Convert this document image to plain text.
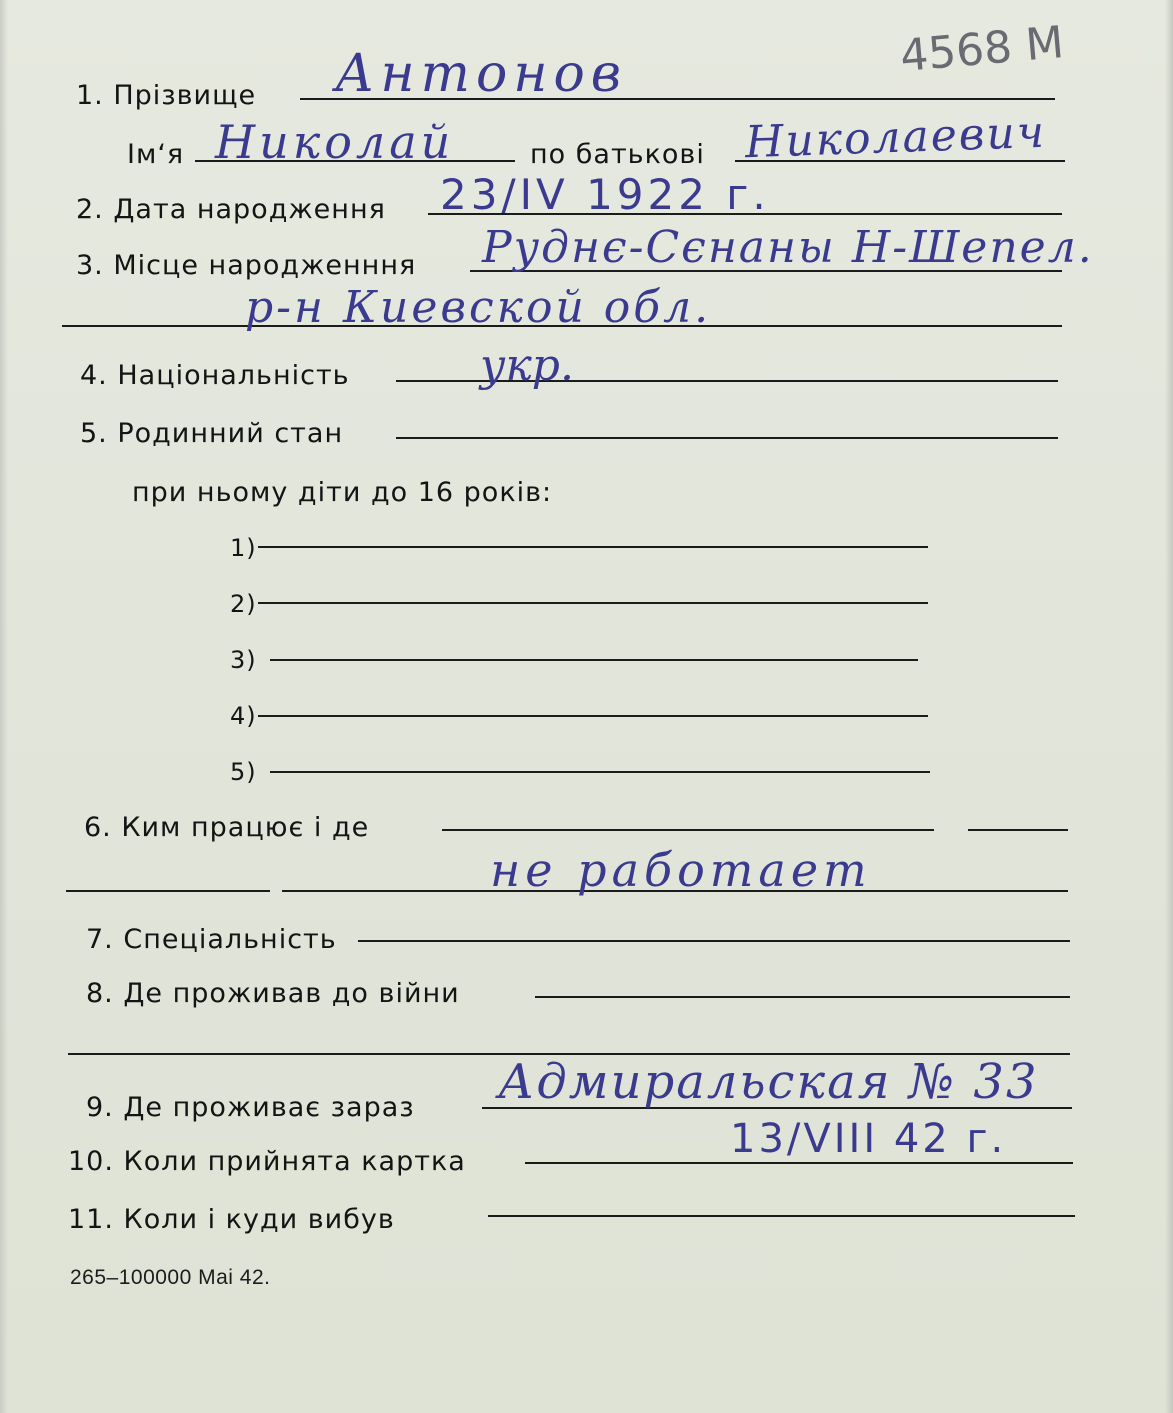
4568 М
1. Прізвище Антонов
Ім‘я Николай	по батькові Николаевич
2. Дата народження 23/IV 1922 г.
3. Місце народженння Руднє-Сєнаны Н-Шепел.
р-н Киевской обл.
4. Національність	укр.
5. Родинний стан
при ньому діти до 16 років:
1)
2)
3)
4)
5)
6. Ким працює і де
не работает
7. Спеціальність
8. Де проживав до війни
9. Де проживає зараз Адмиральская № 33
10. Коли прийнята картка	13/VIII 42 г.
11. Коли і куди вибув
265–100000 Mai 42.
